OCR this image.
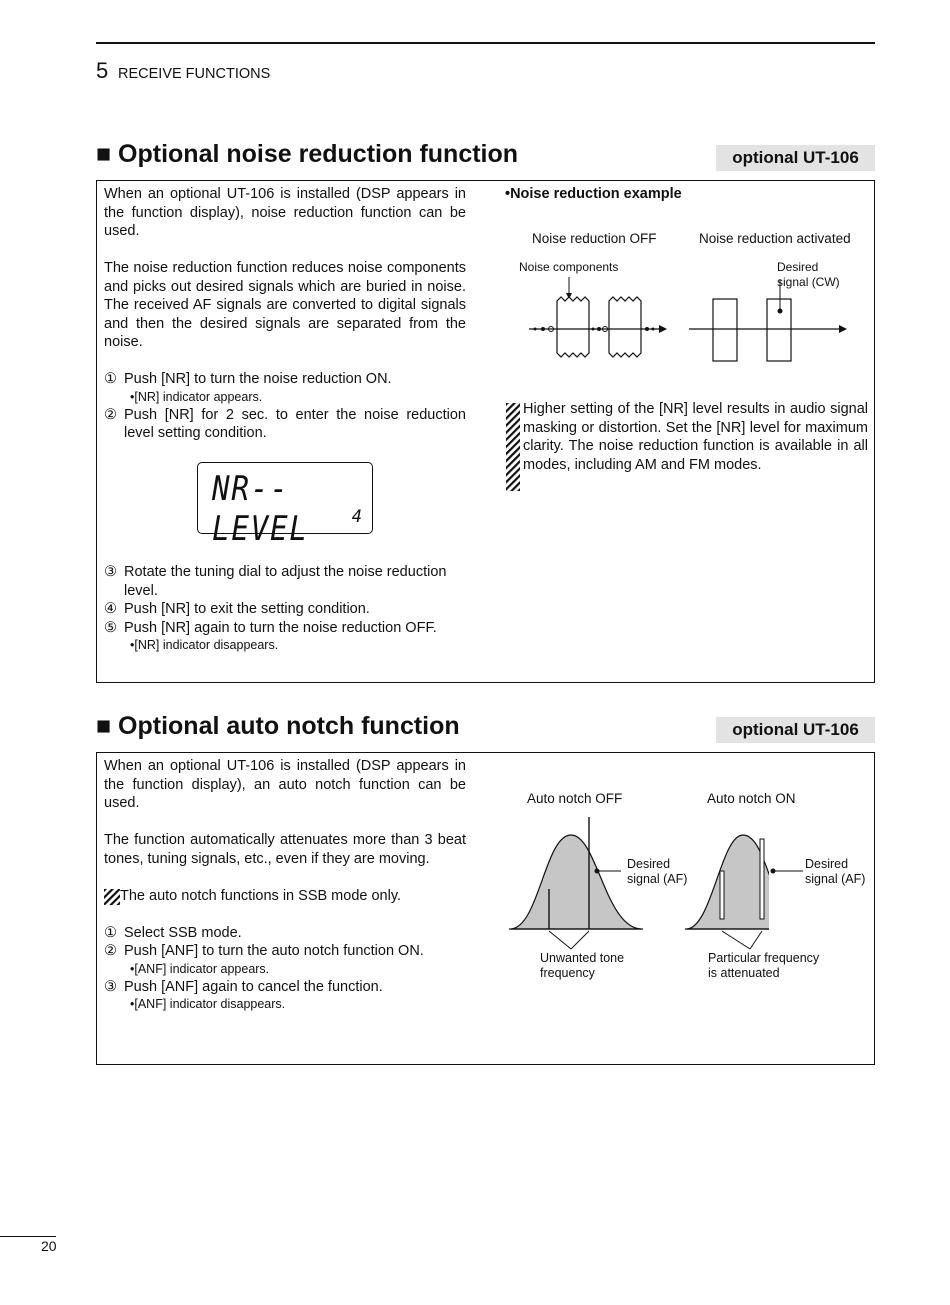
5 RECEIVE FUNCTIONS
■ Optional noise reduction function	optional UT-106

When an optional UT-106 is installed (DSP appears in the function display), noise reduction function can be used.

The noise reduction function reduces noise components and picks out desired signals which are buried in noise. The received AF signals are converted to digital signals and then the desired signals are separated from the noise.

① Push [NR] to turn the noise reduction ON.
•[NR] indicator appears.
② Push [NR] for 2 sec. to enter the noise reduction level setting condition.
NR--LEVEL	4
③ Rotate the tuning dial to adjust the noise reduction level.
④ Push [NR] to exit the setting condition.
⑤ Push [NR] again to turn the noise reduction OFF.
•[NR] indicator disappears.
•Noise reduction example
Noise reduction OFF	Noise reduction activated
Noise components	Desired
signal (CW)
Higher setting of the [NR] level results in audio signal masking or distortion. Set the [NR] level for maximum clarity. The noise reduction function is available in all modes, including AM and FM modes.
■ Optional auto notch function	optional UT-106

When an optional UT-106 is installed (DSP appears in the function display), an auto notch function can be used.

The function automatically attenuates more than 3 beat tones, tuning signals, etc., even if they are moving.

The auto notch functions in SSB mode only.
① Select SSB mode.
② Push [ANF] to turn the auto notch function ON.
•[ANF] indicator appears.
③ Push [ANF] again to cancel the function.
•[ANF] indicator disappears.
Auto notch OFF	Auto notch ON
Desired
signal (AF)
Desired
signal (AF)
Unwanted tone
frequency
Particular frequency
is attenuated
20
